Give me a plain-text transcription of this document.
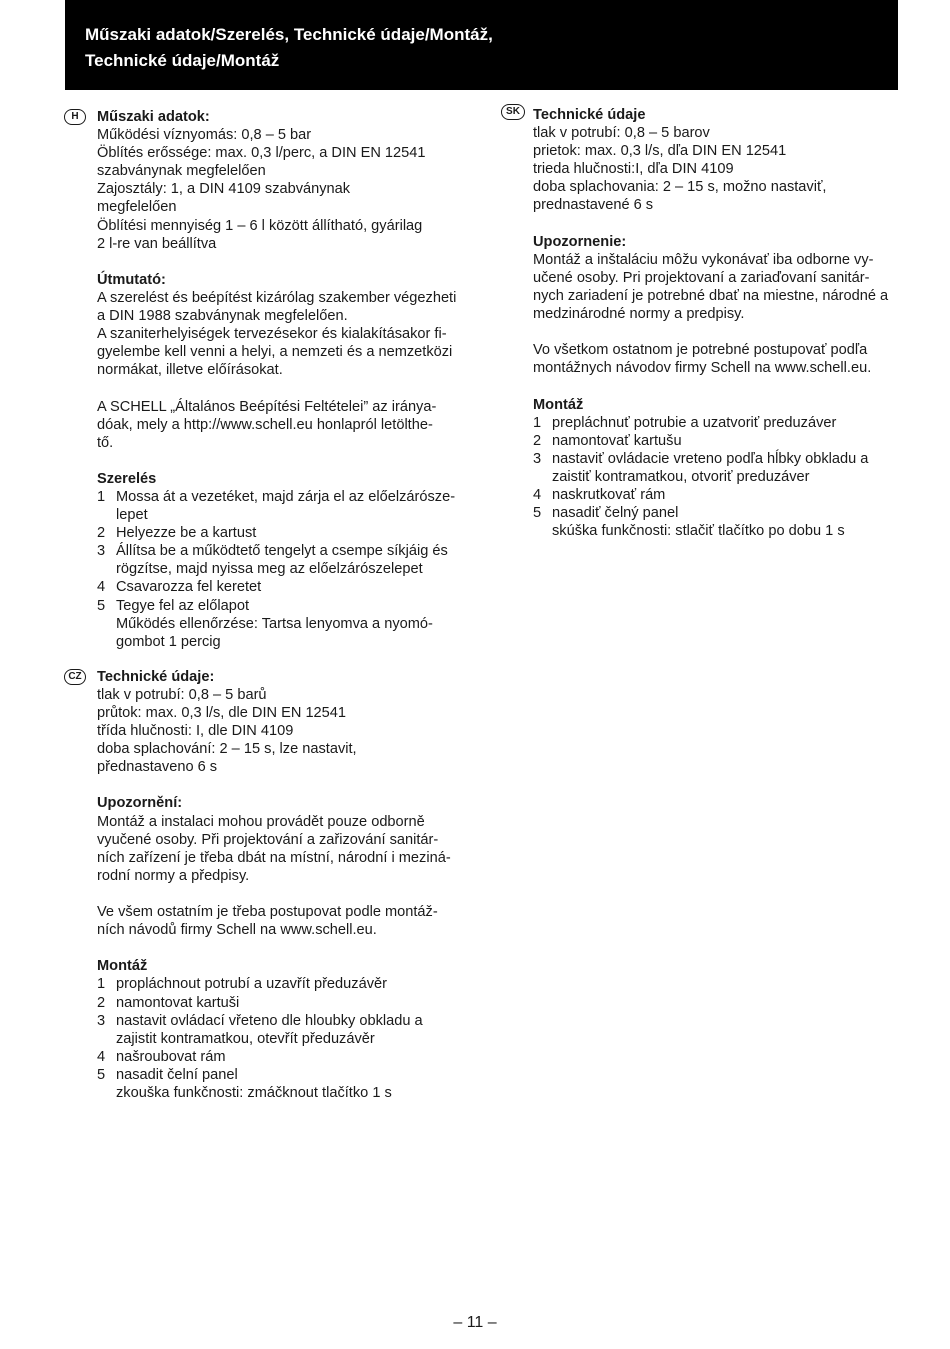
Műszaki adatok/Szerelés, Technické údaje/Montáž,
Technické údaje/Montáž
H	Műszaki adatok:
Működési víznyomás: 0,8 – 5 bar
Öblítés erőssége: max. 0,3 l/perc, a DIN EN 12541
szabványnak megfelelően
Zajosztály: 1, a DIN 4109 szabványnak
megfelelően
Öblítési mennyiség 1 – 6 l között állítható, gyárilag
2 l-re van beállítva
Útmutató:
A szerelést és beépítést kizárólag szakember végezheti
a DIN 1988 szabványnak megfelelően.
A szaniterhelyiségek tervezésekor és kialakításakor fi-
gyelembe kell venni a helyi, a nemzeti és a nemzetközi
normákat, illetve előírásokat.
A SCHELL „Általános Beépítési Feltételei” az iránya-
dóak, mely a http://www.schell.eu honlapról letölthe-
tő.
Szerelés
1 Mossa át a vezetéket, majd zárja el az előelzárósze-
lepet
2 Helyezze be a kartust
3 Állítsa be a működtető tengelyt a csempe síkjáig és
rögzítse, majd nyissa meg az előelzárószelepet
4 Csavarozza fel keretet
5 Tegye fel az előlapot
Működés ellenőrzése: Tartsa lenyomva a nyomó-
gombot 1 percig
CZ Technické údaje:
tlak v potrubí: 0,8 – 5 barů
průtok: max. 0,3 l/s, dle DIN EN 12541
třída hlučnosti: I, dle DIN 4109
doba splachování: 2 – 15 s, lze nastavit,
přednastaveno 6 s
Upozornění:
Montáž a instalaci mohou provádět pouze odborně
vyučené osoby. Při projektování a zařizování sanitár-
ních zařízení je třeba dbát na místní, národní i meziná-
rodní normy a předpisy.
Ve všem ostatním je třeba postupovat podle montáž-
ních návodů firmy Schell na www.schell.eu.
Montáž
1 propláchnout potrubí a uzavřít předuzávěr
2 namontovat kartuši
3 nastavit ovládací vřeteno dle hloubky obkladu a
zajistit kontramatkou, otevřít předuzávěr
4 našroubovat rám
5 nasadit čelní panel
zkouška funkčnosti: zmáčknout tlačítko 1 s
SK Technické údaje
tlak v potrubí: 0,8 – 5 barov
prietok: max. 0,3 l/s, dľa DIN EN 12541
trieda hlučnosti:I, dľa DIN 4109
doba splachovania: 2 – 15 s, možno nastaviť,
prednastavené 6 s
Upozornenie:
Montáž a inštaláciu môžu vykonávať iba odborne vy-
učené osoby. Pri projektovaní a zariaďovaní sanitár-
nych zariadení je potrebné dbať na miestne, národné a
medzinárodné normy a predpisy.
Vo všetkom ostatnom je potrebné postupovať podľa
montážnych návodov firmy Schell na www.schell.eu.
Montáž
1 prepláchnuť potrubie a uzatvoriť preduzáver
2 namontovať kartušu
3 nastaviť ovládacie vreteno podľa hĺbky obkladu a
zaistiť kontramatkou, otvoriť preduzáver
4 naskrutkovať rám
5 nasadiť čelný panel
skúška funkčnosti: stlačiť tlačítko po dobu 1 s
– 11 –
